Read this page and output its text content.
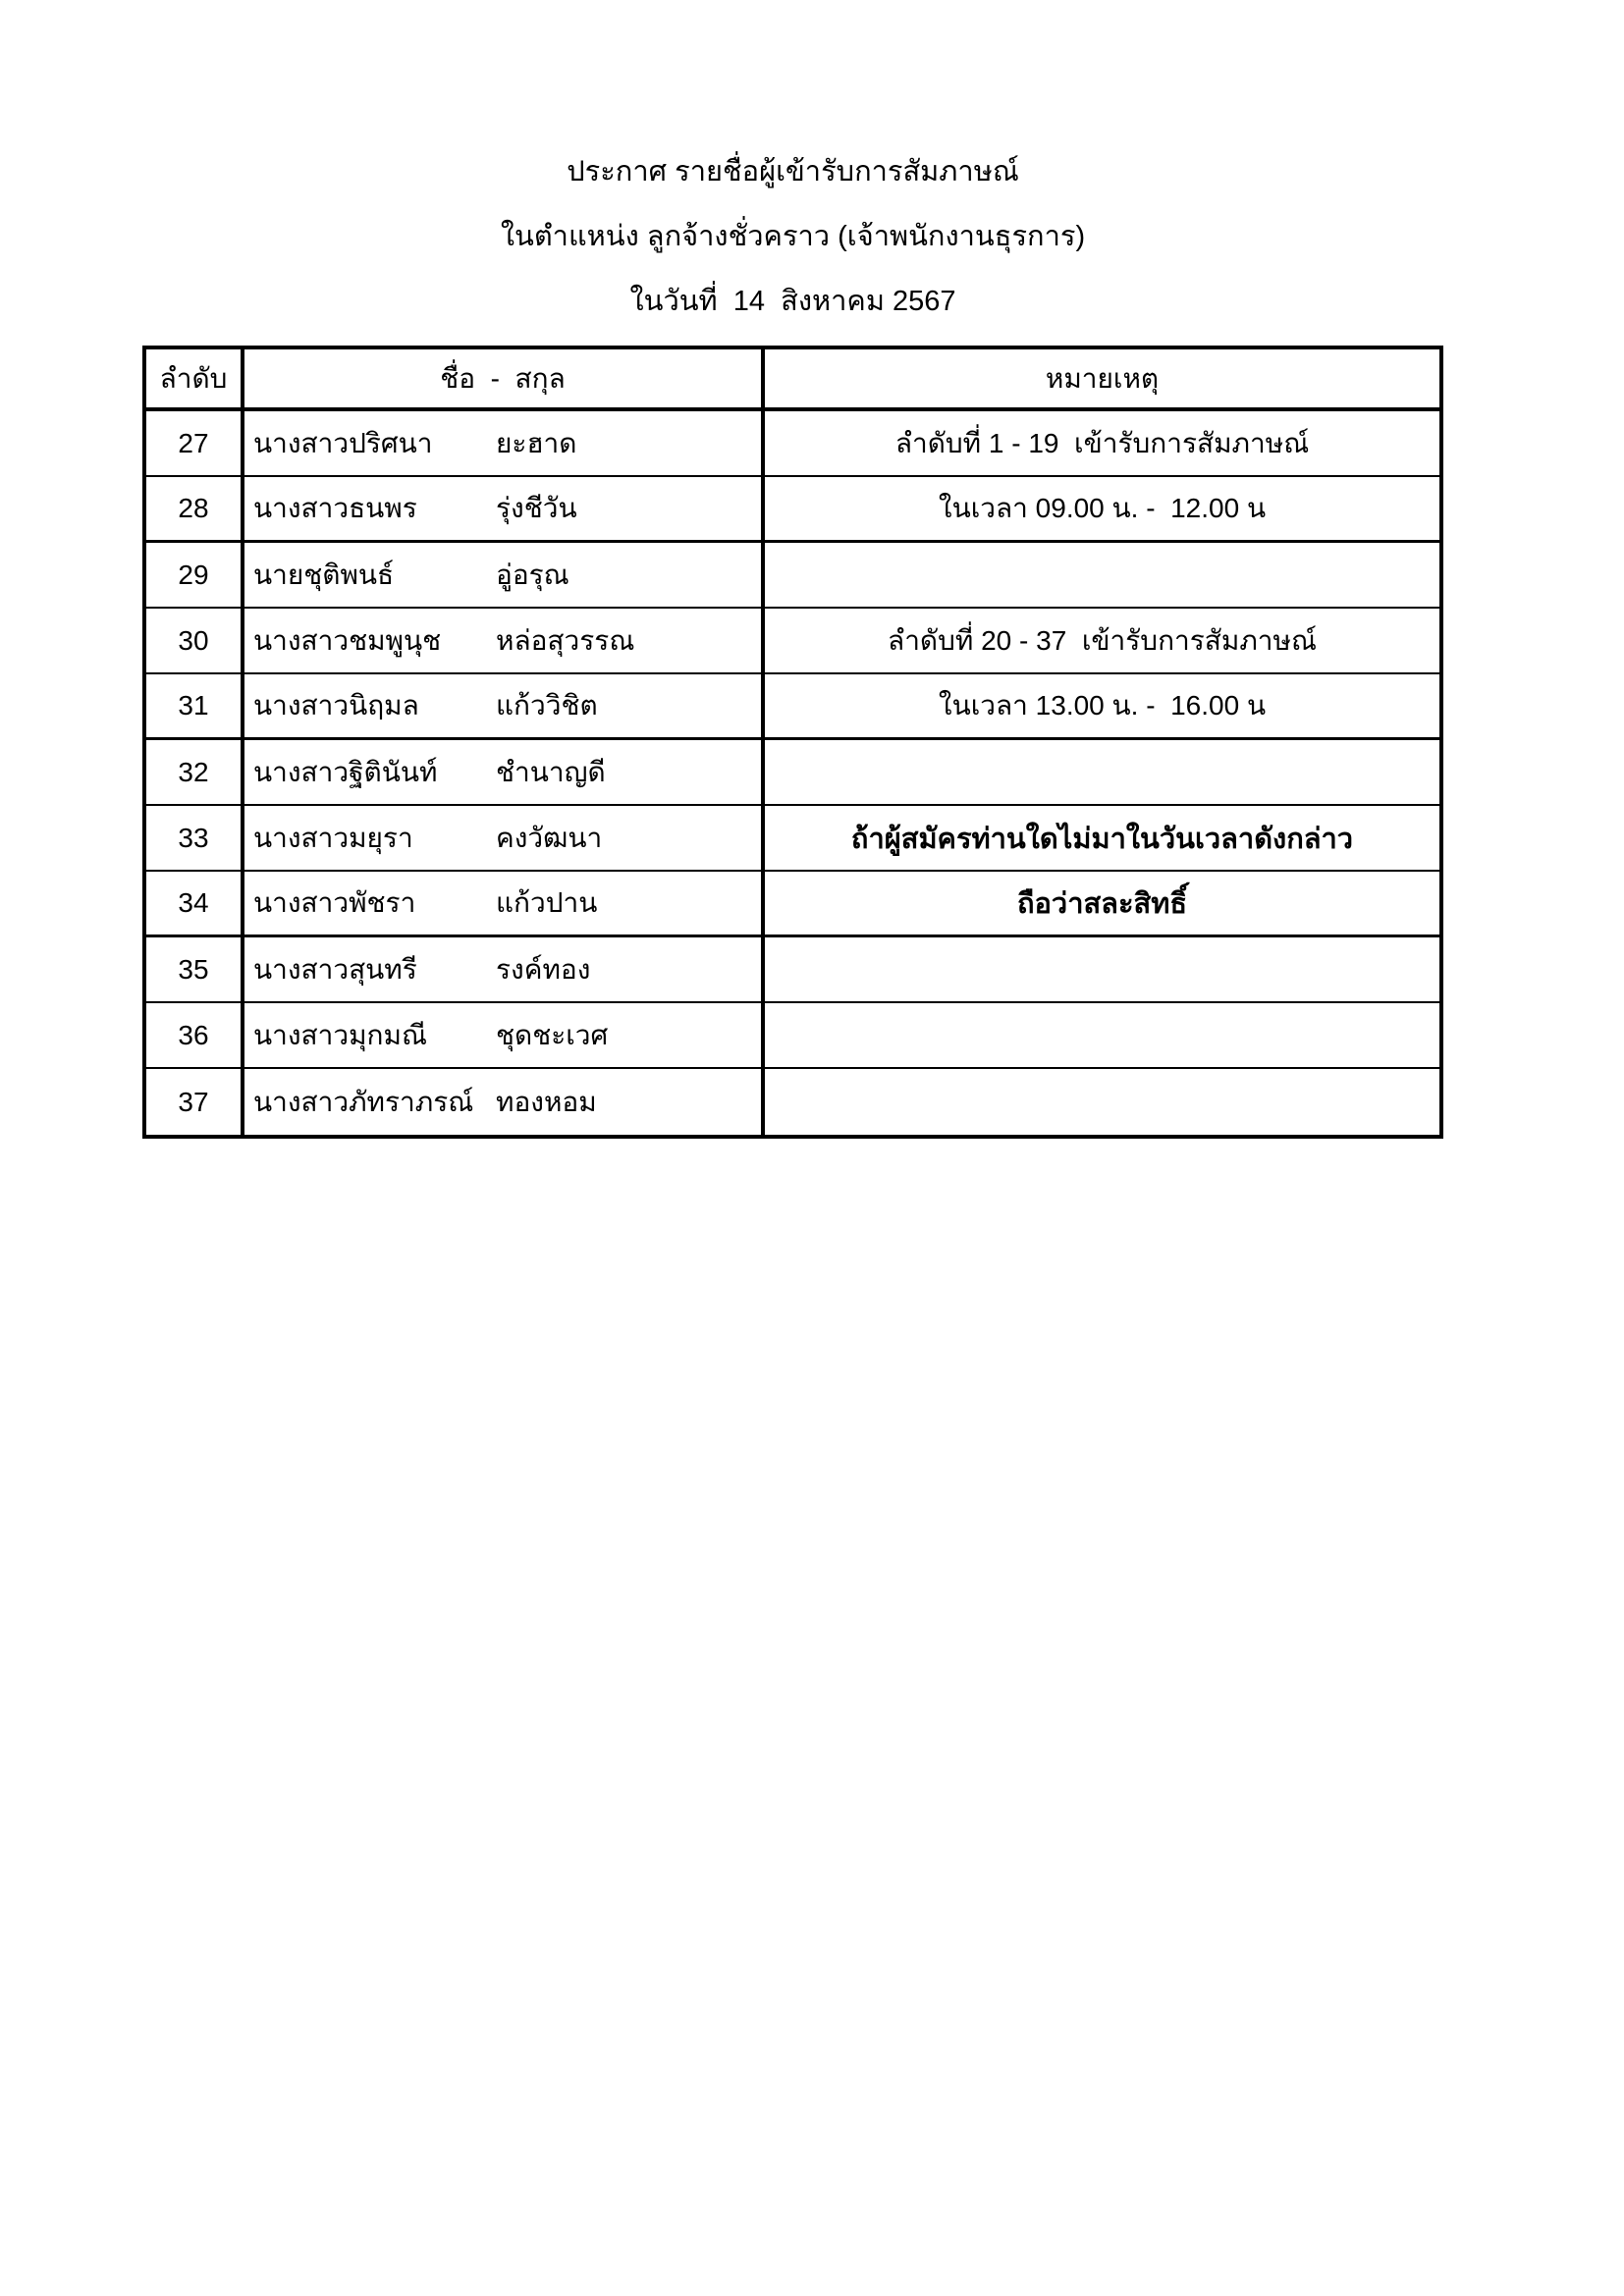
ประกาศ รายชื่อผู้เข้ารับการสัมภาษณ์
ในตำแหน่ง ลูกจ้างชั่วคราว (เจ้าพนักงานธุรการ)
ในวันที่  14  สิงหาคม 2567
ลำดับ	ชื่อ  -  สกุล	หมายเหตุ
27	นางสาวปริศนา	ยะฮาด	ลำดับที่ 1 - 19  เข้ารับการสัมภาษณ์
28	นางสาวธนพร	รุ่งชีวัน	ในเวลา 09.00 น. -  12.00 น
29	นายชุติพนธ์	อู่อรุณ
30	นางสาวชมพูนุช	หล่อสุวรรณ	ลำดับที่ 20 - 37  เข้ารับการสัมภาษณ์
31	นางสาวนิฤมล	แก้ววิชิต	ในเวลา 13.00 น. -  16.00 น
32	นางสาวฐิตินันท์	ชำนาญดี
33	นางสาวมยุรา	คงวัฒนา	ถ้าผู้สมัครท่านใดไม่มาในวันเวลาดังกล่าว
34	นางสาวพัชรา	แก้วปาน	ถือว่าสละสิทธิ์
35	นางสาวสุนทรี	รงค์ทอง
36	นางสาวมุกมณี	ชุดชะเวศ
37	นางสาวภัทราภรณ์ ทองหอม
